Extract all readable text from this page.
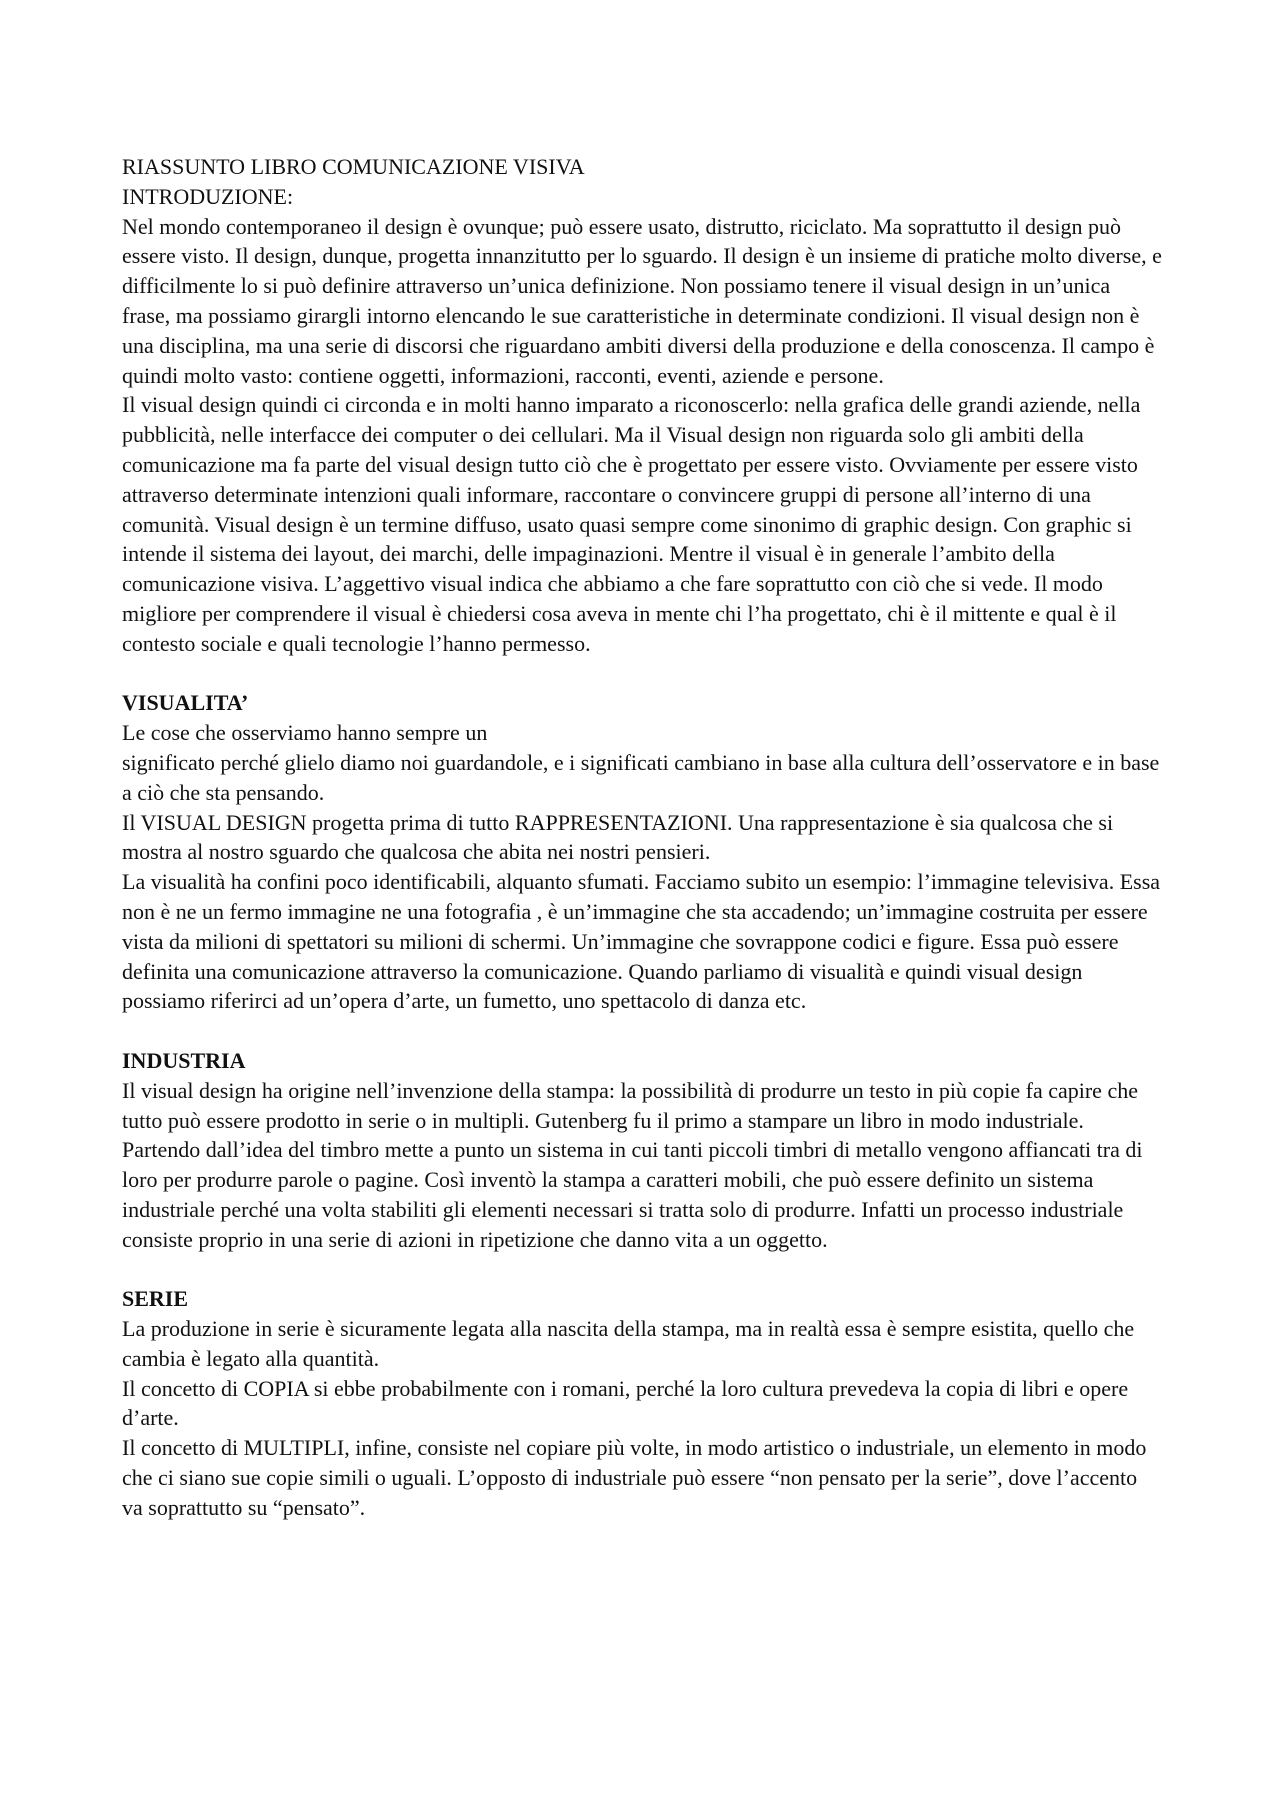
RIASSUNTO LIBRO COMUNICAZIONE VISIVA

INTRODUZIONE:

Nel mondo contemporaneo il design è ovunque; può essere usato, distrutto, riciclato. Ma soprattutto il design può essere visto. Il design, dunque, progetta innanzitutto per lo sguardo. Il design è un insieme di pratiche molto diverse, e difficilmente lo si può definire attraverso un’unica definizione. Non possiamo tenere il visual design in un’unica frase, ma possiamo girargli intorno elencando le sue caratteristiche in determinate condizioni. Il visual design non è una disciplina, ma una serie di discorsi che riguardano ambiti diversi della produzione e della conoscenza. Il campo è quindi molto vasto: contiene oggetti, informazioni, racconti, eventi, aziende e persone.

Il visual design quindi ci circonda e in molti hanno imparato a riconoscerlo: nella grafica delle grandi aziende, nella pubblicità, nelle interfacce dei computer o dei cellulari. Ma il Visual design non riguarda solo gli ambiti della comunicazione ma fa parte del visual design tutto ciò che è progettato per essere visto. Ovviamente per essere visto attraverso determinate intenzioni quali informare, raccontare o convincere gruppi di persone all’interno di una comunità. Visual design è un termine diffuso, usato quasi sempre come sinonimo di graphic design. Con graphic si intende il sistema dei layout, dei marchi, delle impaginazioni. Mentre il visual è in generale l’ambito della comunicazione visiva. L’aggettivo visual indica che abbiamo a che fare soprattutto con ciò che si vede. Il modo migliore per comprendere il visual è chiedersi cosa aveva in mente chi l’ha progettato, chi è il mittente e qual è il contesto sociale e quali tecnologie l’hanno permesso.

VISUALITA’

Le cose che osserviamo hanno sempre un

significato perché glielo diamo noi guardandole, e i significati cambiano in base alla cultura dell’osservatore e in base a ciò che sta pensando.

Il VISUAL DESIGN progetta prima di tutto RAPPRESENTAZIONI. Una rappresentazione è sia qualcosa che si mostra al nostro sguardo che qualcosa che abita nei nostri pensieri.

La visualità ha confini poco identificabili, alquanto sfumati. Facciamo subito un esempio: l’immagine televisiva. Essa non è ne un fermo immagine ne una fotografia , è un’immagine che sta accadendo; un’immagine costruita per essere vista da milioni di spettatori su milioni di schermi. Un’immagine che sovrappone codici e figure. Essa può essere definita una comunicazione attraverso la comunicazione. Quando parliamo di visualità e quindi visual design possiamo riferirci ad un’opera d’arte, un fumetto, uno spettacolo di danza etc.

INDUSTRIA

Il visual design ha origine nell’invenzione della stampa: la possibilità di produrre un testo in più copie fa capire che tutto può essere prodotto in serie o in multipli. Gutenberg fu il primo a stampare un libro in modo industriale. Partendo dall’idea del timbro mette a punto un sistema in cui tanti piccoli timbri di metallo vengono affiancati tra di loro per produrre parole o pagine. Così inventò la stampa a caratteri mobili, che può essere definito un sistema industriale perché una volta stabiliti gli elementi necessari si tratta solo di produrre. Infatti un processo industriale consiste proprio in una serie di azioni in ripetizione che danno vita a un oggetto.

SERIE

La produzione in serie è sicuramente legata alla nascita della stampa, ma in realtà essa è sempre esistita, quello che cambia è legato alla quantità.

Il concetto di COPIA si ebbe probabilmente con i romani, perché la loro cultura prevedeva la copia di libri e opere d’arte.

Il concetto di MULTIPLI, infine, consiste nel copiare più volte, in modo artistico o industriale, un elemento in modo che ci siano sue copie simili o uguali. L’opposto di industriale può essere “non pensato per la serie”, dove l’accento va soprattutto su “pensato”.
